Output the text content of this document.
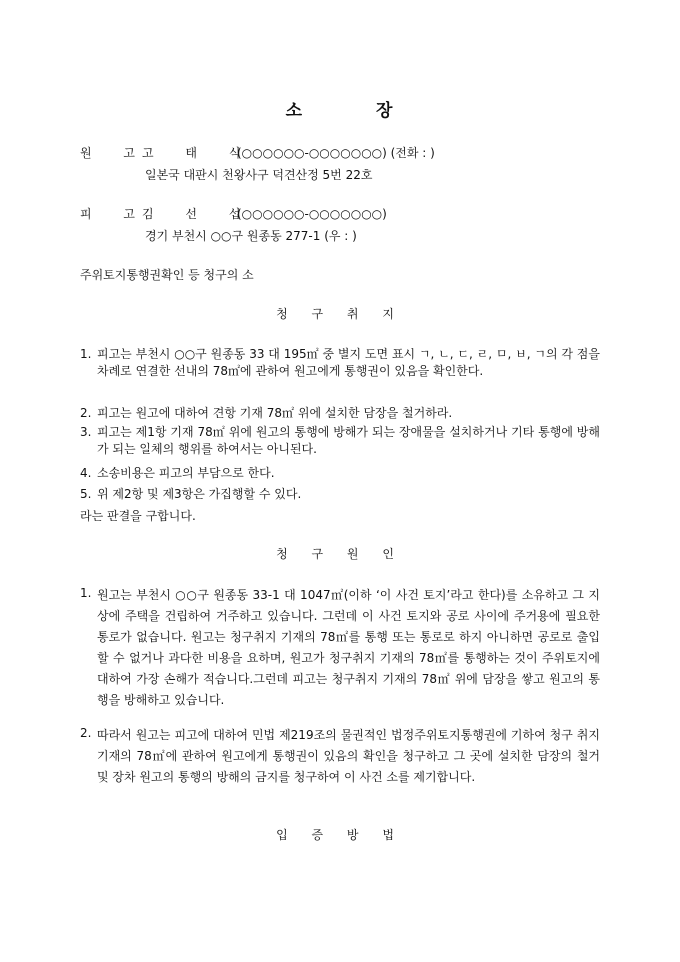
소	장
원 고고 태 식(○○○○○○-○○○○○○○) (전화 : )
일본국 대판시 천왕사구 덕견산정 5번 22호
피 고김 선 섭(○○○○○○-○○○○○○○)
경기 부천시 ○○구 원종동 277-1 (우 : )
주위토지통행권확인 등 청구의 소
청 구 취 지
1. 피고는 부천시 ○○구 원종동 33 대 195㎡ 중 별지 도면 표시 ㄱ, ㄴ, ㄷ, ㄹ, ㅁ, ㅂ, ㄱ의 각 점을 차례로 연결한 선내의 78㎡에 관하여 원고에게 통행권이 있음을 확인한다.
2. 피고는 원고에 대하여 견항 기재 78㎡ 위에 설치한 담장을 철거하라.
3. 피고는 제1항 기재 78㎡ 위에 원고의 통행에 방해가 되는 장애물을 설치하거나 기타 통행에 방해가 되는 일체의 행위를 하여서는 아니된다.
4. 소송비용은 피고의 부담으로 한다.
5. 위 제2항 및 제3항은 가집행할 수 있다.
라는 판결을 구합니다.
청 구 원 인
1. 원고는 부천시 ○○구 원종동 33-1 대 1047㎡(이하 ‘이 사건 토지’라고 한다)를 소유하고 그 지상에 주택을 건립하여 거주하고 있습니다. 그런데 이 사건 토지와 공로 사이에 주거용에 필요한 통로가 없습니다. 원고는 청구취지 기재의 78㎡를 통행 또는 통로로 하지 아니하면 공로로 출입할 수 없거나 과다한 비용을 요하며, 원고가 청구취지 기재의 78㎡를 통행하는 것이 주위토지에 대하여 가장 손해가 적습니다.그런데 피고는 청구취지 기재의 78㎡ 위에 담장을 쌓고 원고의 통행을 방해하고 있습니다.
2. 따라서 원고는 피고에 대하여 민법 제219조의 물권적인 법정주위토지통행권에 기하여 청구 취지 기재의 78㎡에 관하여 원고에게 통행권이 있음의 확인을 청구하고 그 곳에 설치한 담장의 철거 및 장차 원고의 통행의 방해의 금지를 청구하여 이 사건 소를 제기합니다.
입 증 방 법
